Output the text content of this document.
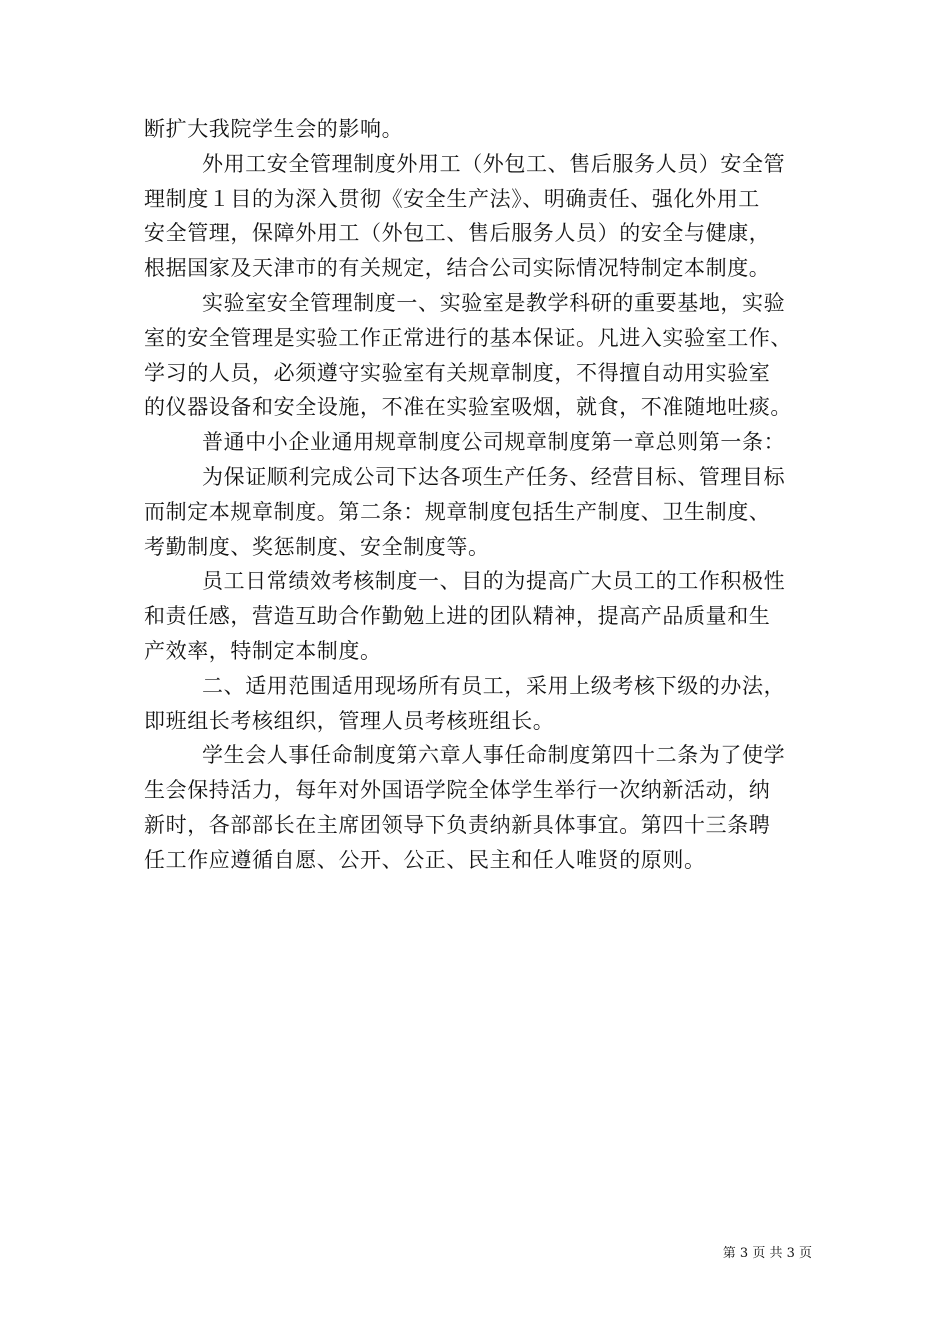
断扩大我院学生会的影响。
外用工安全管理制度外用工（外包工、售后服务人员）安全管
理制度１目的为深入贯彻《安全生产法》、明确责任、强化外用工
安全管理，保障外用工（外包工、售后服务人员）的安全与健康，
根据国家及天津市的有关规定，结合公司实际情况特制定本制度。
实验室安全管理制度一、实验室是教学科研的重要基地，实验
室的安全管理是实验工作正常进行的基本保证。凡进入实验室工作、
学习的人员，必须遵守实验室有关规章制度，不得擅自动用实验室
的仪器设备和安全设施，不准在实验室吸烟，就食，不准随地吐痰。
普通中小企业通用规章制度公司规章制度第一章总则第一条：
为保证顺利完成公司下达各项生产任务、经营目标、管理目标
而制定本规章制度。第二条：规章制度包括生产制度、卫生制度、
考勤制度、奖惩制度、安全制度等。
员工日常绩效考核制度一、目的为提高广大员工的工作积极性
和责任感，营造互助合作勤勉上进的团队精神，提高产品质量和生
产效率，特制定本制度。
二、适用范围适用现场所有员工，采用上级考核下级的办法，
即班组长考核组织，管理人员考核班组长。
学生会人事任命制度第六章人事任命制度第四十二条为了使学
生会保持活力，每年对外国语学院全体学生举行一次纳新活动，纳
新时，各部部长在主席团领导下负责纳新具体事宜。第四十三条聘
任工作应遵循自愿、公开、公正、民主和任人唯贤的原则。
第 3 页 共 3 页
